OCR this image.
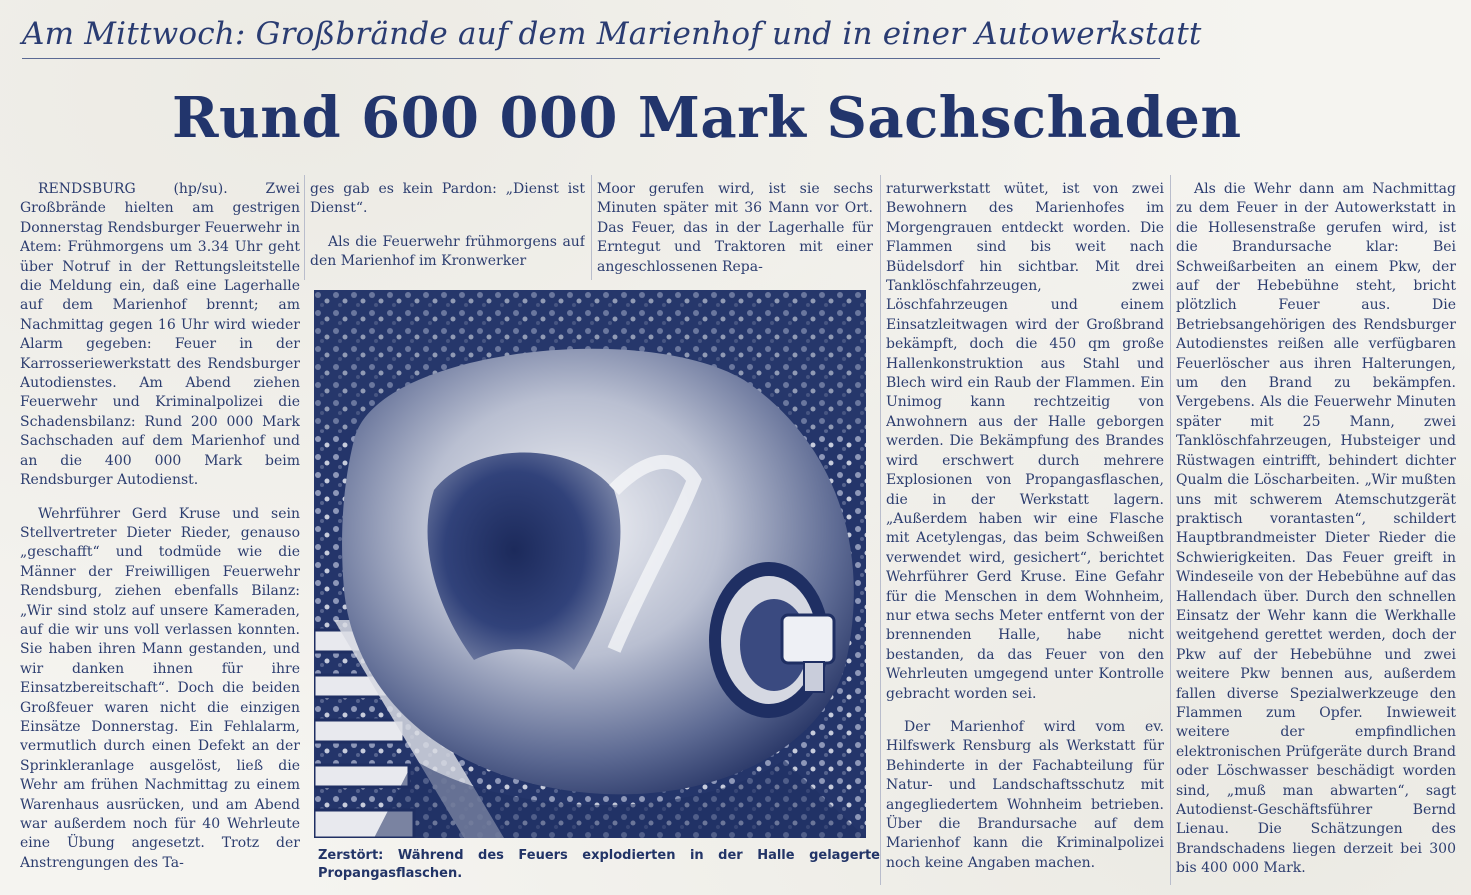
Am Mittwoch: Großbrände auf dem Marienhof und in einer Autowerkstatt
Rund 600 000 Mark Sachschaden

RENDSBURG (hp/su). Zwei Großbrände hielten am gestrigen Donnerstag Rendsburger Feuerwehr in Atem: Frühmorgens um 3.34 Uhr geht über Notruf in der Rettungsleitstelle die Meldung ein, daß eine Lagerhalle auf dem Marienhof brennt; am Nachmittag gegen 16 Uhr wird wieder Alarm gegeben: Feuer in der Karrosseriewerkstatt des Rendsburger Autodienstes. Am Abend ziehen Feuerwehr und Kriminalpolizei die Schadensbilanz: Rund 200 000 Mark Sachschaden auf dem Marienhof und an die 400 000 Mark beim Rendsburger Autodienst.

Wehrführer Gerd Kruse und sein Stellvertreter Dieter Rieder, genauso „geschafft“ und todmüde wie die Männer der Freiwilligen Feuerwehr Rendsburg, ziehen ebenfalls Bilanz: „Wir sind stolz auf unsere Kameraden, auf die wir uns voll verlassen konnten. Sie haben ihren Mann gestanden, und wir danken ihnen für ihre Einsatzbereitschaft“. Doch die beiden Großfeuer waren nicht die einzigen Einsätze Donnerstag. Ein Fehlalarm, vermutlich durch einen Defekt an der Sprinkleranlage ausgelöst, ließ die Wehr am frühen Nachmittag zu einem Warenhaus ausrücken, und am Abend war außerdem noch für 40 Wehrleute eine Übung angesetzt. Trotz der Anstrengungen des Ta-

ges gab es kein Pardon: „Dienst ist Dienst“.

Als die Feuerwehr frühmorgens auf den Marienhof im Kronwerker

Moor gerufen wird, ist sie sechs Minuten später mit 36 Mann vor Ort. Das Feuer, das in der Lagerhalle für Erntegut und Traktoren mit einer angeschlossenen Repa-

Zerstört: Während des Feuers explodierten in der Halle gelagerte Propangasflaschen.

raturwerkstatt wütet, ist von zwei Bewohnern des Marienhofes im Morgengrauen entdeckt worden. Die Flammen sind bis weit nach Büdelsdorf hin sichtbar. Mit drei Tanklöschfahrzeugen, zwei Löschfahrzeugen und einem Einsatzleitwagen wird der Großbrand bekämpft, doch die 450 qm große Hallenkonstruktion aus Stahl und Blech wird ein Raub der Flammen. Ein Unimog kann rechtzeitig von Anwohnern aus der Halle geborgen werden. Die Bekämpfung des Brandes wird erschwert durch mehrere Explosionen von Propangasflaschen, die in der Werkstatt lagern. „Außerdem haben wir eine Flasche mit Acetylengas, das beim Schweißen verwendet wird, gesichert“, berichtet Wehrführer Gerd Kruse. Eine Gefahr für die Menschen in dem Wohnheim, nur etwa sechs Meter entfernt von der brennenden Halle, habe nicht bestanden, da das Feuer von den Wehrleuten umgegend unter Kontrolle gebracht worden sei.

Der Marienhof wird vom ev. Hilfswerk Rensburg als Werkstatt für Behinderte in der Fachabteilung für Natur- und Landschaftsschutz mit angegliedertem Wohnheim betrieben. Über die Brandursache auf dem Marienhof kann die Kriminalpolizei noch keine Angaben machen.

Als die Wehr dann am Nachmittag zu dem Feuer in der Autowerkstatt in die Hollesenstraße gerufen wird, ist die Brandursache klar: Bei Schweißarbeiten an einem Pkw, der auf der Hebebühne steht, bricht plötzlich Feuer aus. Die Betriebsangehörigen des Rendsburger Autodienstes reißen alle verfügbaren Feuerlöscher aus ihren Halterungen, um den Brand zu bekämpfen. Vergebens. Als die Feuerwehr Minuten später mit 25 Mann, zwei Tanklöschfahrzeugen, Hubsteiger und Rüstwagen eintrifft, behindert dichter Qualm die Löscharbeiten. „Wir mußten uns mit schwerem Atemschutzgerät praktisch vorantasten“, schildert Hauptbrandmeister Dieter Rieder die Schwierigkeiten. Das Feuer greift in Windeseile von der Hebebühne auf das Hallendach über. Durch den schnellen Einsatz der Wehr kann die Werkhalle weitgehend gerettet werden, doch der Pkw auf der Hebebühne und zwei weitere Pkw bennen aus, außerdem fallen diverse Spezialwerkzeuge den Flammen zum Opfer. Inwieweit weitere der empfindlichen elektronischen Prüfgeräte durch Brand oder Löschwasser beschädigt worden sind, „muß man abwarten“, sagt Autodienst-Geschäftsführer Bernd Lienau. Die Schätzungen des Brandschadens liegen derzeit bei 300 bis 400 000 Mark.
